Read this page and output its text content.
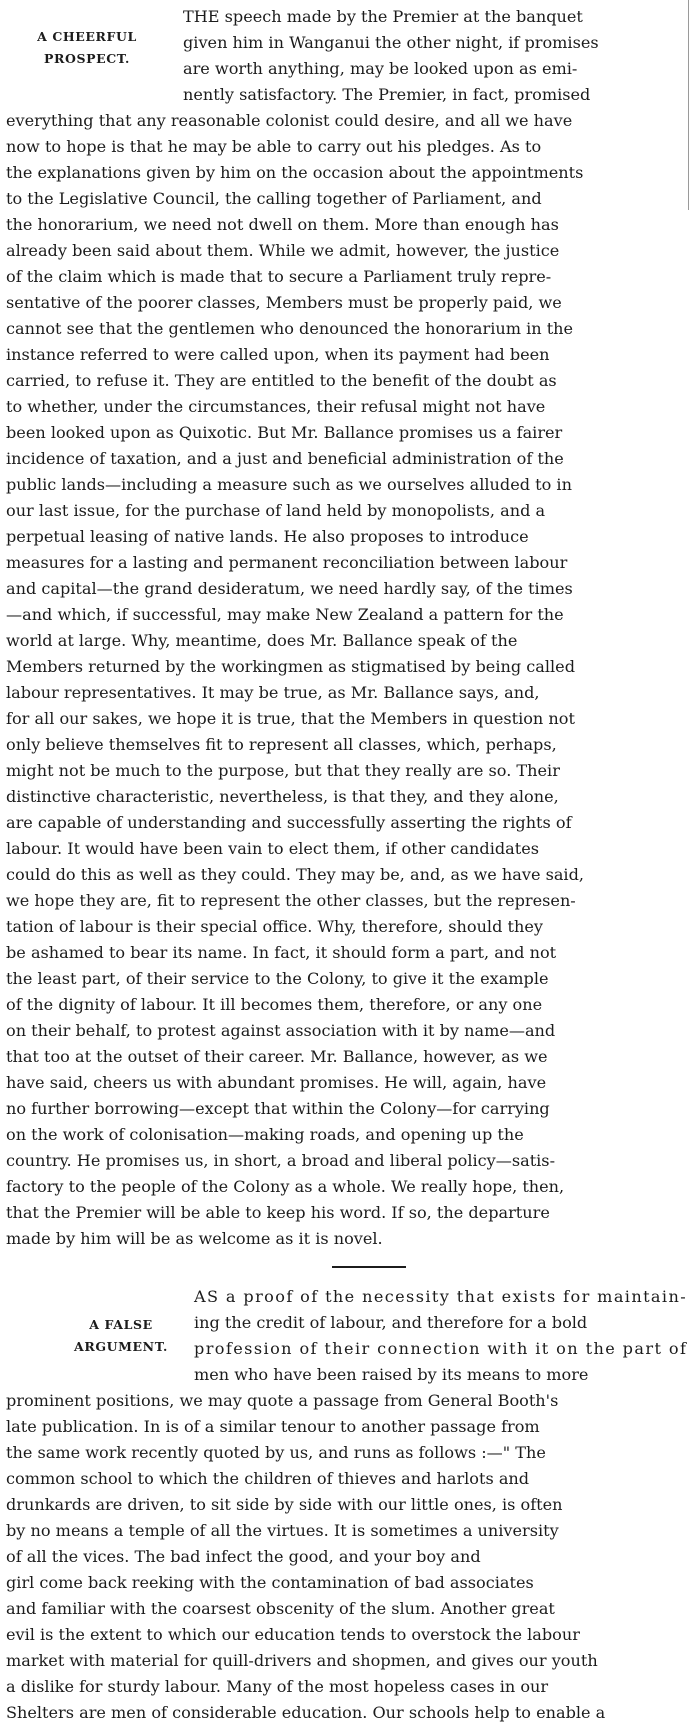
A CHEERFUL
PROSPECT.

THE speech made by the Premier at the banquet

given him in Wanganui the other night, if promises

are worth anything, may be looked upon as emi-

nently satisfactory. The Premier, in fact, promised

everything that any reasonable colonist could desire, and all we have

now to hope is that he may be able to carry out his pledges. As to

the explanations given by him on the occasion about the appointments

to the Legislative Council, the calling together of Parliament, and

the honorarium, we need not dwell on them. More than enough has

already been said about them. While we admit, however, the justice

of the claim which is made that to secure a Parliament truly repre-

sentative of the poorer classes, Members must be properly paid, we

cannot see that the gentlemen who denounced the honorarium in the

instance referred to were called upon, when its payment had been

carried, to refuse it. They are entitled to the benefit of the doubt as

to whether, under the circumstances, their refusal might not have

been looked upon as Quixotic. But Mr. Ballance promises us a fairer

incidence of taxation, and a just and beneficial administration of the

public lands—including a measure such as we ourselves alluded to in

our last issue, for the purchase of land held by monopolists, and a

perpetual leasing of native lands. He also proposes to introduce

measures for a lasting and permanent reconciliation between labour

and capital—the grand desideratum, we need hardly say, of the times

—and which, if successful, may make New Zealand a pattern for the

world at large. Why, meantime, does Mr. Ballance speak of the

Members returned by the workingmen as stigmatised by being called

labour representatives. It may be true, as Mr. Ballance says, and,

for all our sakes, we hope it is true, that the Members in question not

only believe themselves fit to represent all classes, which, perhaps,

might not be much to the purpose, but that they really are so. Their

distinctive characteristic, nevertheless, is that they, and they alone,

are capable of understanding and successfully asserting the rights of

labour. It would have been vain to elect them, if other candidates

could do this as well as they could. They may be, and, as we have said,

we hope they are, fit to represent the other classes, but the represen-

tation of labour is their special office. Why, therefore, should they

be ashamed to bear its name. In fact, it should form a part, and not

the least part, of their service to the Colony, to give it the example

of the dignity of labour. It ill becomes them, therefore, or any one

on their behalf, to protest against association with it by name—and

that too at the outset of their career. Mr. Ballance, however, as we

have said, cheers us with abundant promises. He will, again, have

no further borrowing—except that within the Colony—for carrying

on the work of colonisation—making roads, and opening up the

country. He promises us, in short, a broad and liberal policy—satis-

factory to the people of the Colony as a whole. We really hope, then,

that the Premier will be able to keep his word. If so, the departure

made by him will be as welcome as it is novel.

A FALSE
ARGUMENT.

AS a proof of the necessity that exists for maintain-

ing the credit of labour, and therefore for a bold

profession of their connection with it on the part of

men who have been raised by its means to more

prominent positions, we may quote a passage from General Booth's

late publication. In is of a similar tenour to another passage from

the same work recently quoted by us, and runs as follows :—" The

common school to which the children of thieves and harlots and

drunkards are driven, to sit side by side with our little ones, is often

by no means a temple of all the virtues. It is sometimes a university

of all the vices. The bad infect the good, and your boy and

girl come back reeking with the contamination of bad associates

and familiar with the coarsest obscenity of the slum. Another great

evil is the extent to which our education tends to overstock the labour

market with material for quill-drivers and shopmen, and gives our youth

a dislike for sturdy labour. Many of the most hopeless cases in our

Shelters are men of considerable education. Our schools help to enable a
